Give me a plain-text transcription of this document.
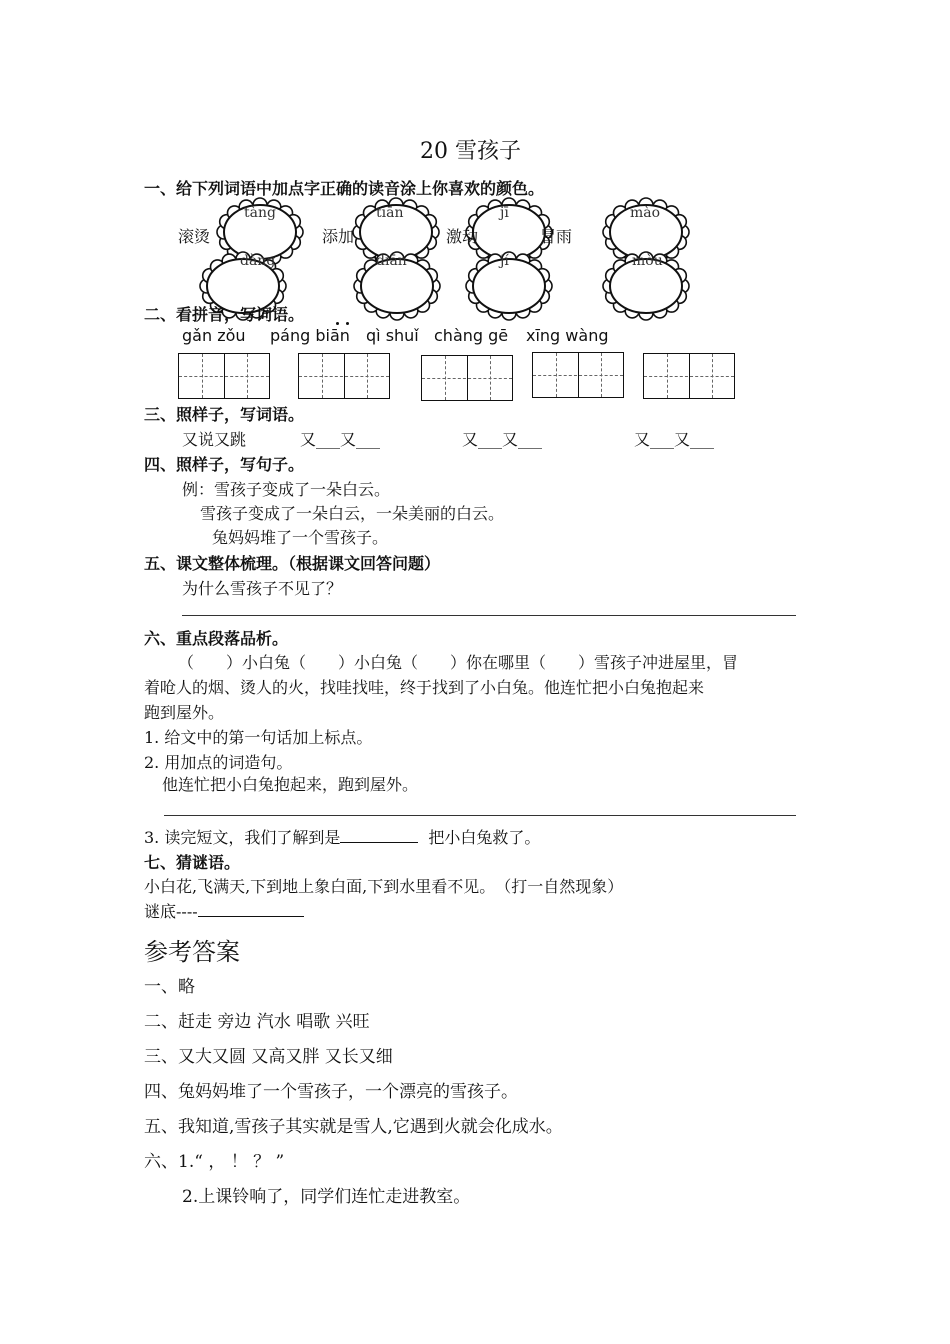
20 雪孩子
一、给下列词语中加点字正确的读音涂上你喜欢的颜色。
滚烫	添加	激动	冒雨
tàng	tiān	jī	mào
dàng	diān	jí	mòu
二、看拼音，写词语。
gǎn zǒu páng biān qì shuǐ chàng gē xīng wàng
三、照样子，写词语。
又说又跳	又___又___	又___又___	又___又___
四、照样子，写句子。
例：雪孩子变成了一朵白云。
雪孩子变成了一朵白云，一朵美丽的白云。
兔妈妈堆了一个雪孩子。
五、课文整体梳理。（根据课文回答问题）
为什么雪孩子不见了？
六、重点段落品析。
（　　）小白兔（　　）小白兔（　　）你在哪里（　　）雪孩子冲进屋里，冒
着呛人的烟、烫人的火，找哇找哇，终于找到了小白兔。他连忙把小白兔抱起来
跑到屋外。
1. 给文中的第一句话加上标点。
2. 用加点的词造句。
他连忙把小白兔抱起来，跑到屋外。
3. 读完短文，我们了解到是	把小白兔救了。
七、猜谜语。
小白花,飞满天,下到地上象白面,下到水里看不见。　（打一自然现象）
谜底----
参考答案
一、略
二、赶走 旁边 汽水 唱歌 兴旺
三、又大又圆 又高又胖 又长又细
四、兔妈妈堆了一个雪孩子，一个漂亮的雪孩子。
五、我知道,雪孩子其实就是雪人,它遇到火就会化成水。
六、1.“ ， ！ ？ ”
2.上课铃响了，同学们连忙走进教室。
